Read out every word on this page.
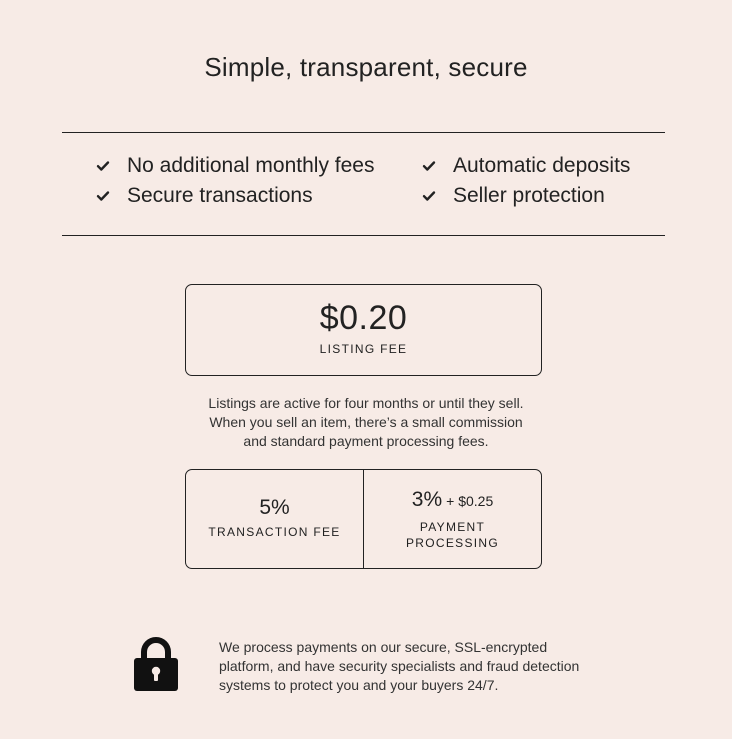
Simple, transparent, secure
No additional monthly fees	Automatic deposits
Secure transactions	Seller protection
$0.20
LISTING FEE
Listings are active for four months or until they sell.
When you sell an item, there’s a small commission
and standard payment processing fees.
5%
TRANSACTION FEE
3% + $0.25
PAYMENT
PROCESSING
We process payments on our secure, SSL-encrypted
platform, and have security specialists and fraud detection
systems to protect you and your buyers 24/7.
